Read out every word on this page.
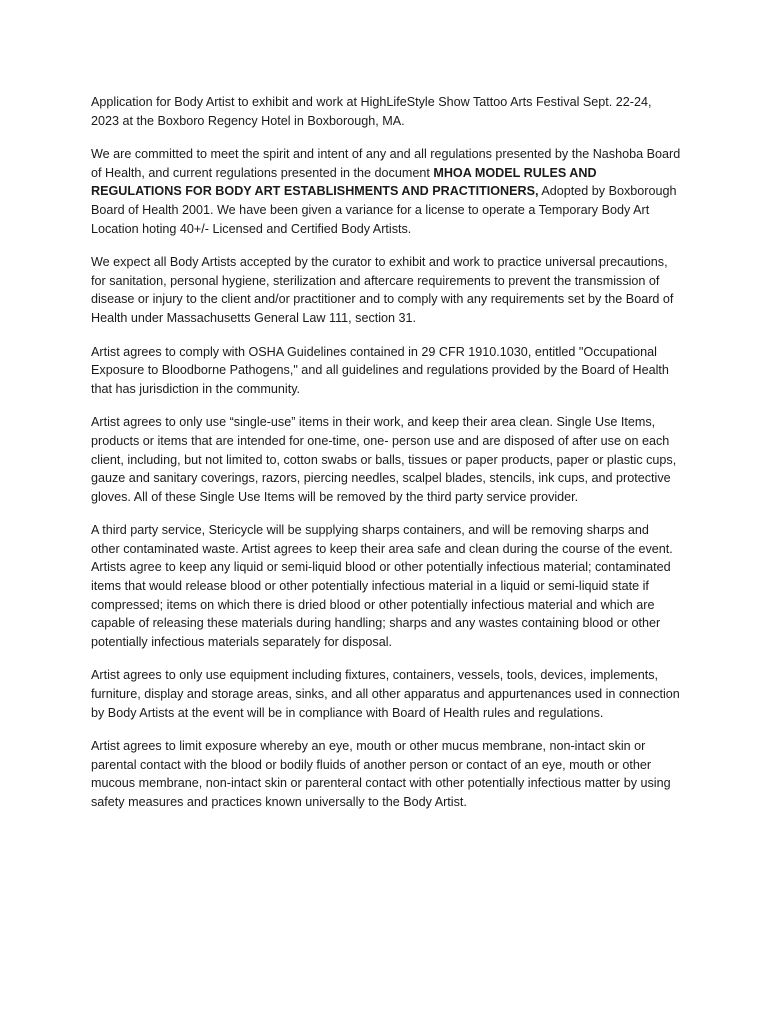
Application for Body Artist to exhibit and work at HighLifeStyle Show Tattoo Arts Festival Sept. 22-24, 2023 at the Boxboro Regency Hotel in Boxborough, MA.

We are committed to meet the spirit and intent of any and all regulations presented by the Nashoba Board of Health, and current regulations presented in the document MHOA MODEL RULES AND REGULATIONS FOR BODY ART ESTABLISHMENTS AND PRACTITIONERS, Adopted by Boxborough Board of Health 2001. We have been given a variance for a license to operate a Temporary Body Art Location hoting 40+/- Licensed and Certified Body Artists.

We expect all Body Artists accepted by the curator to exhibit and work to practice universal precautions, for sanitation, personal hygiene, sterilization and aftercare requirements to prevent the transmission of disease or injury to the client and/or practitioner and to comply with any requirements set by the Board of Health under Massachusetts General Law 111, section 31.

Artist agrees to comply with OSHA Guidelines contained in 29 CFR 1910.1030, entitled "Occupational Exposure to Bloodborne Pathogens," and all guidelines and regulations provided by the Board of Health that has jurisdiction in the community.

Artist agrees to only use “single-use” items in their work, and keep their area clean. Single Use Items, products or items that are intended for one-time, one- person use and are disposed of after use on each client, including, but not limited to, cotton swabs or balls, tissues or paper products, paper or plastic cups, gauze and sanitary coverings, razors, piercing needles, scalpel blades, stencils, ink cups, and protective gloves. All of these Single Use Items will be removed by the third party service provider.

A third party service, Stericycle will be supplying sharps containers, and will be removing sharps and other contaminated waste. Artist agrees to keep their area safe and clean during the course of the event. Artists agree to keep any liquid or semi-liquid blood or other potentially infectious material; contaminated items that would release blood or other potentially infectious material in a liquid or semi-liquid state if compressed; items on which there is dried blood or other potentially infectious material and which are capable of releasing these materials during handling; sharps and any wastes containing blood or other potentially infectious materials separately for disposal.

Artist agrees to only use equipment including fixtures, containers, vessels, tools, devices, implements, furniture, display and storage areas, sinks, and all other apparatus and appurtenances used in connection by Body Artists at the event will be in compliance with Board of Health rules and regulations.

Artist agrees to limit exposure whereby an eye, mouth or other mucus membrane, non-intact skin or parental contact with the blood or bodily fluids of another person or contact of an eye, mouth or other mucous membrane, non-intact skin or parenteral contact with other potentially infectious matter by using safety measures and practices known universally to the Body Artist.
